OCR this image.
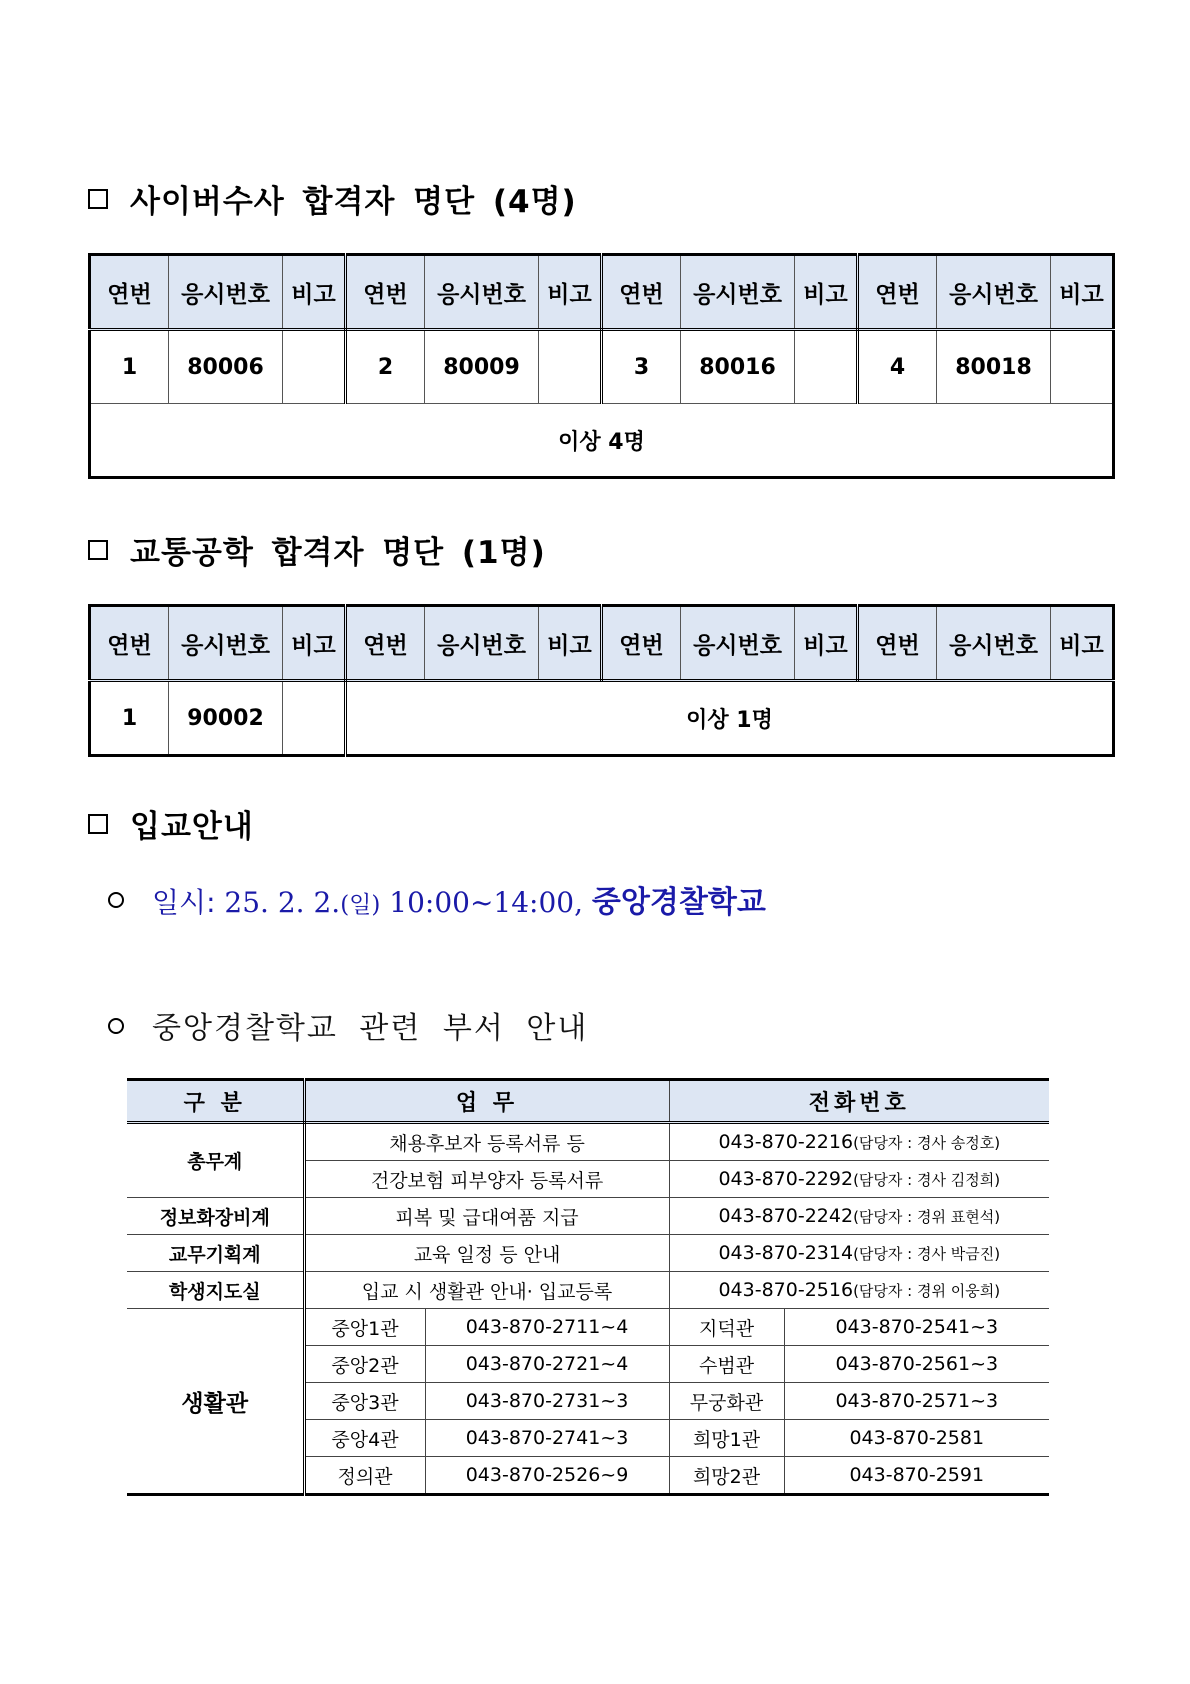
사이버수사 합격자 명단 (4명)
연번	응시번호	비고	연번	응시번호	비고	연번	응시번호	비고	연번	응시번호	비고
1	80006		2	80009		3	80016		4	80018	
이상 4명											
교통공학 합격자 명단 (1명)
연번	응시번호	비고	연번	응시번호	비고	연번	응시번호	비고	연번	응시번호	비고
1	90002		이상 1명								
입교안내
일시: 25. 2. 2.(일) 10:00~14:00, 중앙경찰학교
중앙경찰학교 관련 부서 안내
구 분	업 무		전화번호	
총무계	채용후보자 등록서류 등		043-870-2216(담당자 : 경사 송정호)	
	건강보험 피부양자 등록서류		043-870-2292(담당자 : 경사 김정희)	
정보화장비계	피복 및 급대여품 지급		043-870-2242(담당자 : 경위 표현석)	
교무기획계	교육 일정 등 안내		043-870-2314(담당자 : 경사 박금진)	
학생지도실	입교 시 생활관 안내· 입교등록		043-870-2516(담당자 : 경위 이웅희)	
생활관	중앙1관	043-870-2711~4	지덕관	043-870-2541~3
	중앙2관	043-870-2721~4	수범관	043-870-2561~3
	중앙3관	043-870-2731~3	무궁화관	043-870-2571~3
	중앙4관	043-870-2741~3	희망1관	043-870-2581
	정의관	043-870-2526~9	희망2관	043-870-2591
